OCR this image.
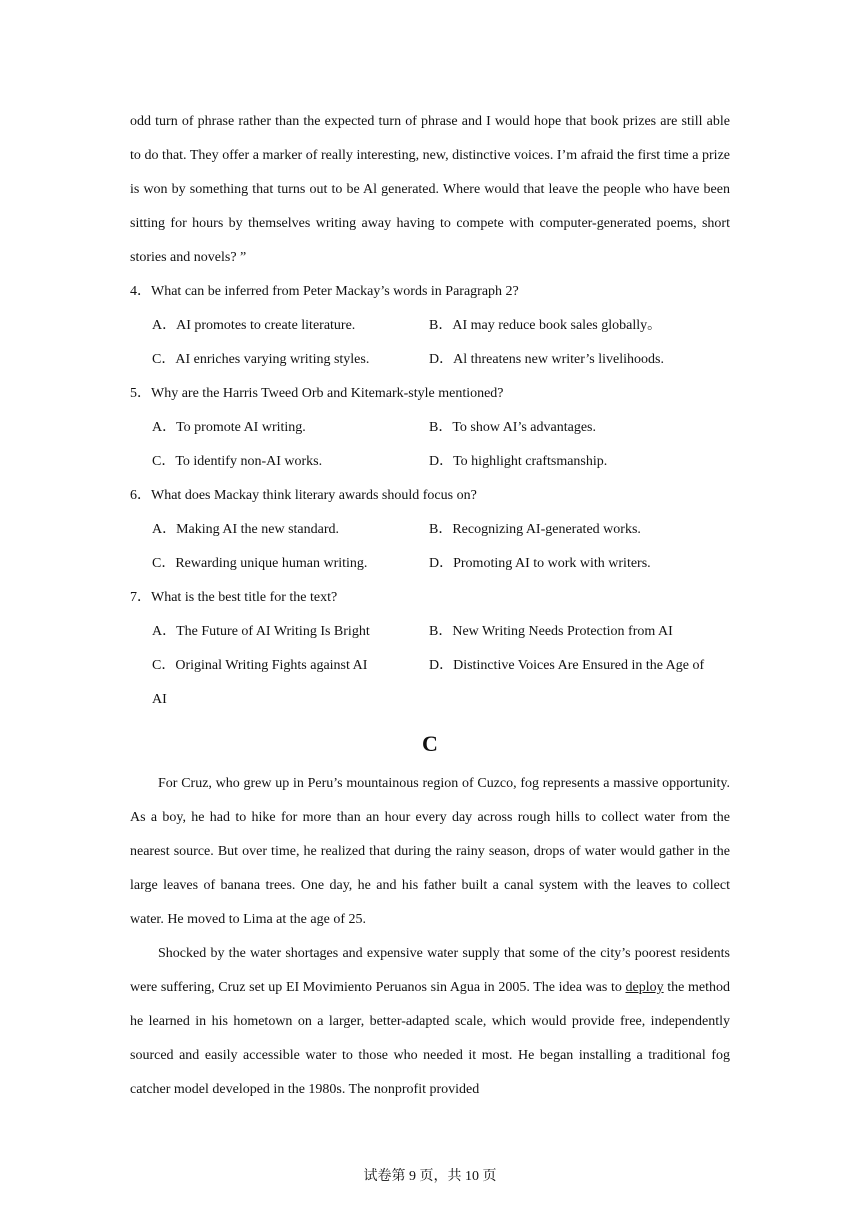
odd turn of phrase rather than the expected turn of phrase and I would hope that book prizes are still able to do that. They offer a marker of really interesting, new, distinctive voices. I’m afraid the first time a prize is won by something that turns out to be Al generated. Where would that leave the people who have been sitting for hours by themselves writing away having to compete with computer-generated poems, short stories and novels? ”

4．What can be inferred from Peter Mackay’s words in Paragraph 2?

A．AI promotes to create literature.	B．AI may reduce book sales globally。
C．AI enriches varying writing styles.	D．Al threatens new writer’s livelihoods.

5．Why are the Harris Tweed Orb and Kitemark-style mentioned?

A．To promote AI writing.	B．To show AI’s advantages.
C．To identify non-AI works.	D．To highlight craftsmanship.

6．What does Mackay think literary awards should focus on?

A．Making AI the new standard.	B．Recognizing AI-generated works.
C．Rewarding unique human writing.	D．Promoting AI to work with writers.

7．What is the best title for the text?

A．The Future of AI Writing Is Bright	B．New Writing Needs Protection from AI
C．Original Writing Fights against AI	D．Distinctive Voices Are Ensured in the Age of
AI
C

For Cruz, who grew up in Peru’s mountainous region of Cuzco, fog represents a massive opportunity. As a boy, he had to hike for more than an hour every day across rough hills to collect water from the nearest source. But over time, he realized that during the rainy season, drops of water would gather in the large leaves of banana trees. One day, he and his father built a canal system with the leaves to collect water. He moved to Lima at the age of 25.

Shocked by the water shortages and expensive water supply that some of the city’s poorest residents were suffering, Cruz set up EI Movimiento Peruanos sin Agua in 2005. The idea was to deploy the method he learned in his hometown on a larger, better-adapted scale, which would provide free, independently sourced and easily accessible water to those who needed it most. He began installing a traditional fog catcher model developed in the 1980s. The nonprofit provided

试卷第 9 页，共 10 页
